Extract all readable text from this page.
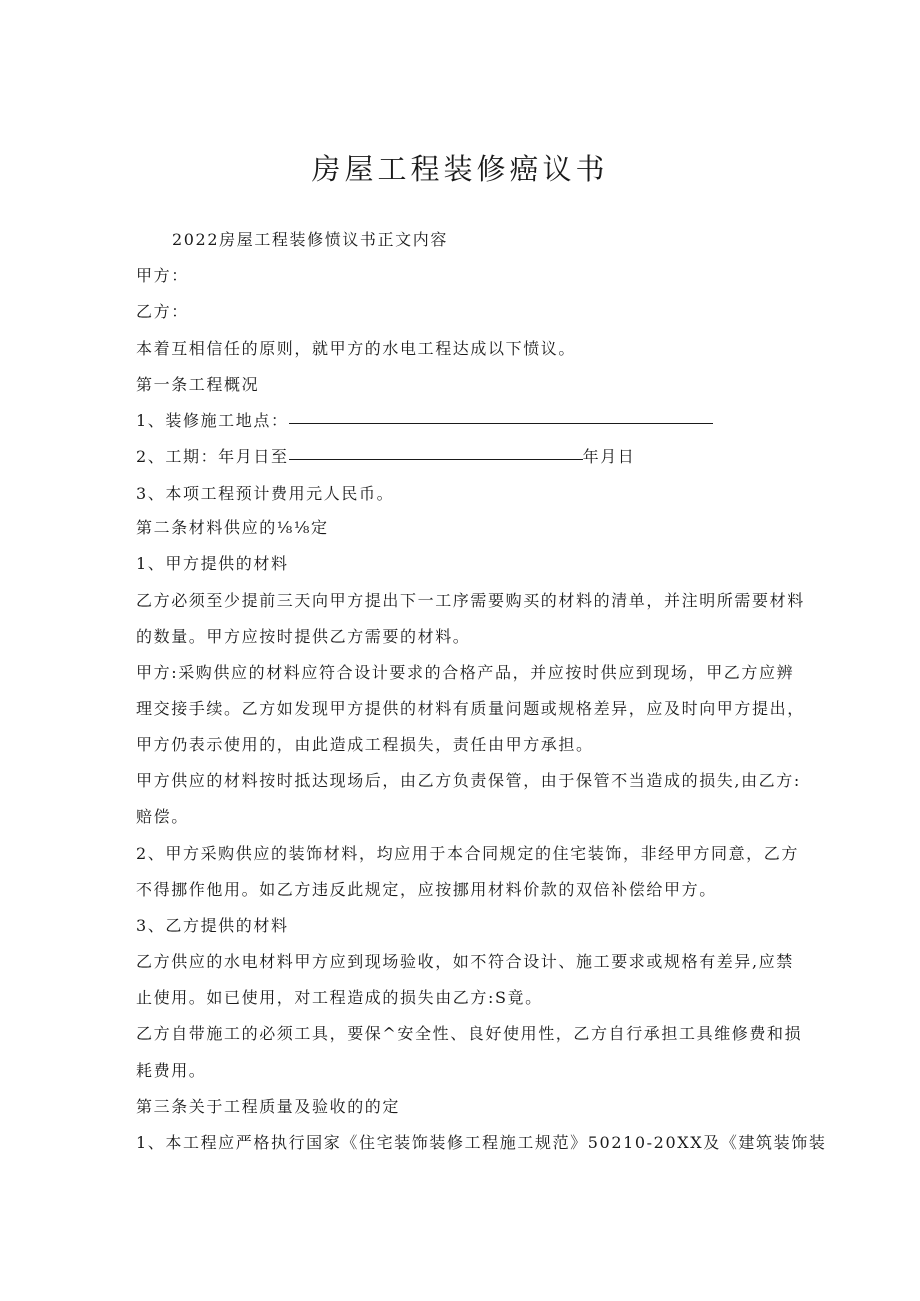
房屋工程装修癌议书
2022房屋工程装修愤议书正文内容
甲方：
乙方：
本着互相信任的原则，就甲方的水电工程达成以下愤议。
第一条工程概况
1、装修施工地点：
2、工期：年月日至	年月日
3、本项工程预计费用元人民币。
第二条材料供应的⅛⅛定
1、甲方提供的材料
乙方必须至少提前三天向甲方提出下一工序需要购买的材料的清单，并注明所需要材料
的数量。甲方应按时提供乙方需要的材料。
甲方:采购供应的材料应符合设计要求的合格产品，并应按时供应到现场，甲乙方应辨
理交接手续。乙方如发现甲方提供的材料有质量问题或规格差异，应及时向甲方提出，
甲方仍表示使用的，由此造成工程损失，责任由甲方承担。
甲方供应的材料按时抵达现场后，由乙方负责保管，由于保管不当造成的损失,由乙方:
赔偿。
2、甲方采购供应的装饰材料，均应用于本合同规定的住宅装饰，非经甲方同意，乙方
不得挪作他用。如乙方违反此规定，应按挪用材料价款的双倍补偿给甲方。
3、乙方提供的材料
乙方供应的水电材料甲方应到现场验收，如不符合设计、施工要求或规格有差异,应禁
止使用。如已使用，对工程造成的损失由乙方:S竟。
乙方自带施工的必须工具，要保^安全性、良好使用性，乙方自行承担工具维修费和损
耗费用。
第三条关于工程质量及验收的的定
1、本工程应严格执行国家《住宅装饰装修工程施工规范》50210-20XX及《建筑装饰装
